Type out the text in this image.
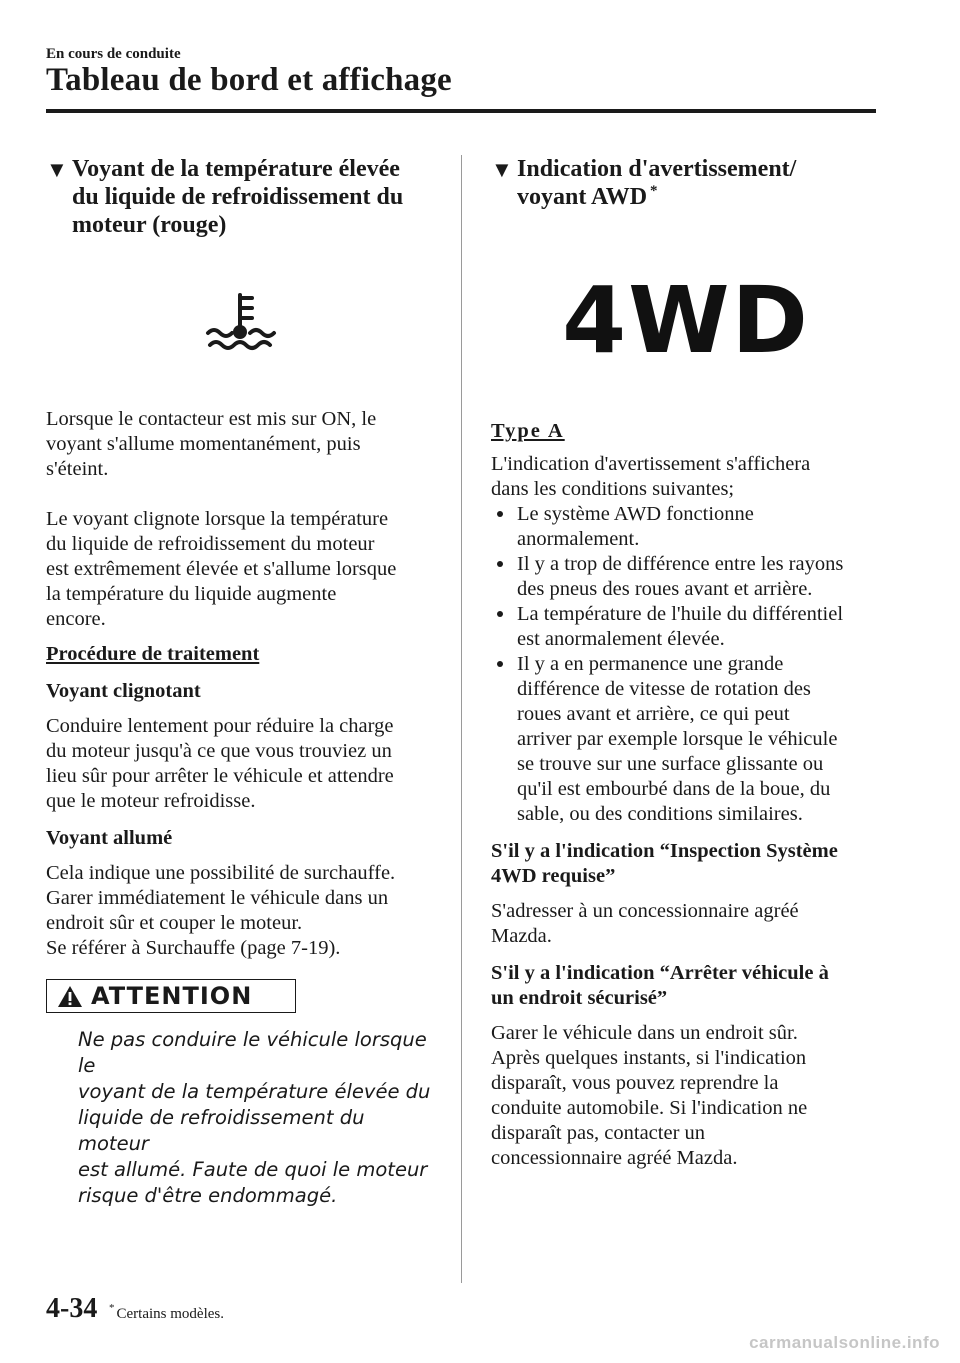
En cours de conduite
Tableau de bord et affichage
▼ Voyant de la température élevée
du liquide de refroidissement du
moteur (rouge)

Lorsque le contacteur est mis sur ON, le
voyant s'allume momentanément, puis
s'éteint.

Le voyant clignote lorsque la température
du liquide de refroidissement du moteur
est extrêmement élevée et s'allume lorsque
la température du liquide augmente
encore.

Procédure de traitement
Voyant clignotant

Conduire lentement pour réduire la charge
du moteur jusqu'à ce que vous trouviez un
lieu sûr pour arrêter le véhicule et attendre
que le moteur refroidisse.

Voyant allumé

Cela indique une possibilité de surchauffe.
Garer immédiatement le véhicule dans un
endroit sûr et couper le moteur.
Se référer à Surchauffe (page 7-19).

ATTENTION
Ne pas conduire le véhicule lorsque le
voyant de la température élevée du
liquide de refroidissement du moteur
est allumé. Faute de quoi le moteur
risque d'être endommagé.
▼ Indication d'avertissement/
voyant AWD *
4WD
Type A

L'indication d'avertissement s'affichera
dans les conditions suivantes;

Le système AWD fonctionne
anormalement.
Il y a trop de différence entre les rayons
des pneus des roues avant et arrière.
La température de l'huile du différentiel
est anormalement élevée.
Il y a en permanence une grande
différence de vitesse de rotation des
roues avant et arrière, ce qui peut
arriver par exemple lorsque le véhicule
se trouve sur une surface glissante ou
qu'il est embourbé dans de la boue, du
sable, ou des conditions similaires.
S'il y a l'indication “Inspection Système
4WD requise”

S'adresser à un concessionnaire agréé
Mazda.

S'il y a l'indication “Arrêter véhicule à
un endroit sécurisé”

Garer le véhicule dans un endroit sûr.
Après quelques instants, si l'indication
disparaît, vous pouvez reprendre la
conduite automobile. Si l'indication ne
disparaît pas, contacter un
concessionnaire agréé Mazda.

4-34 * Certains modèles.
carmanualsonline.info
